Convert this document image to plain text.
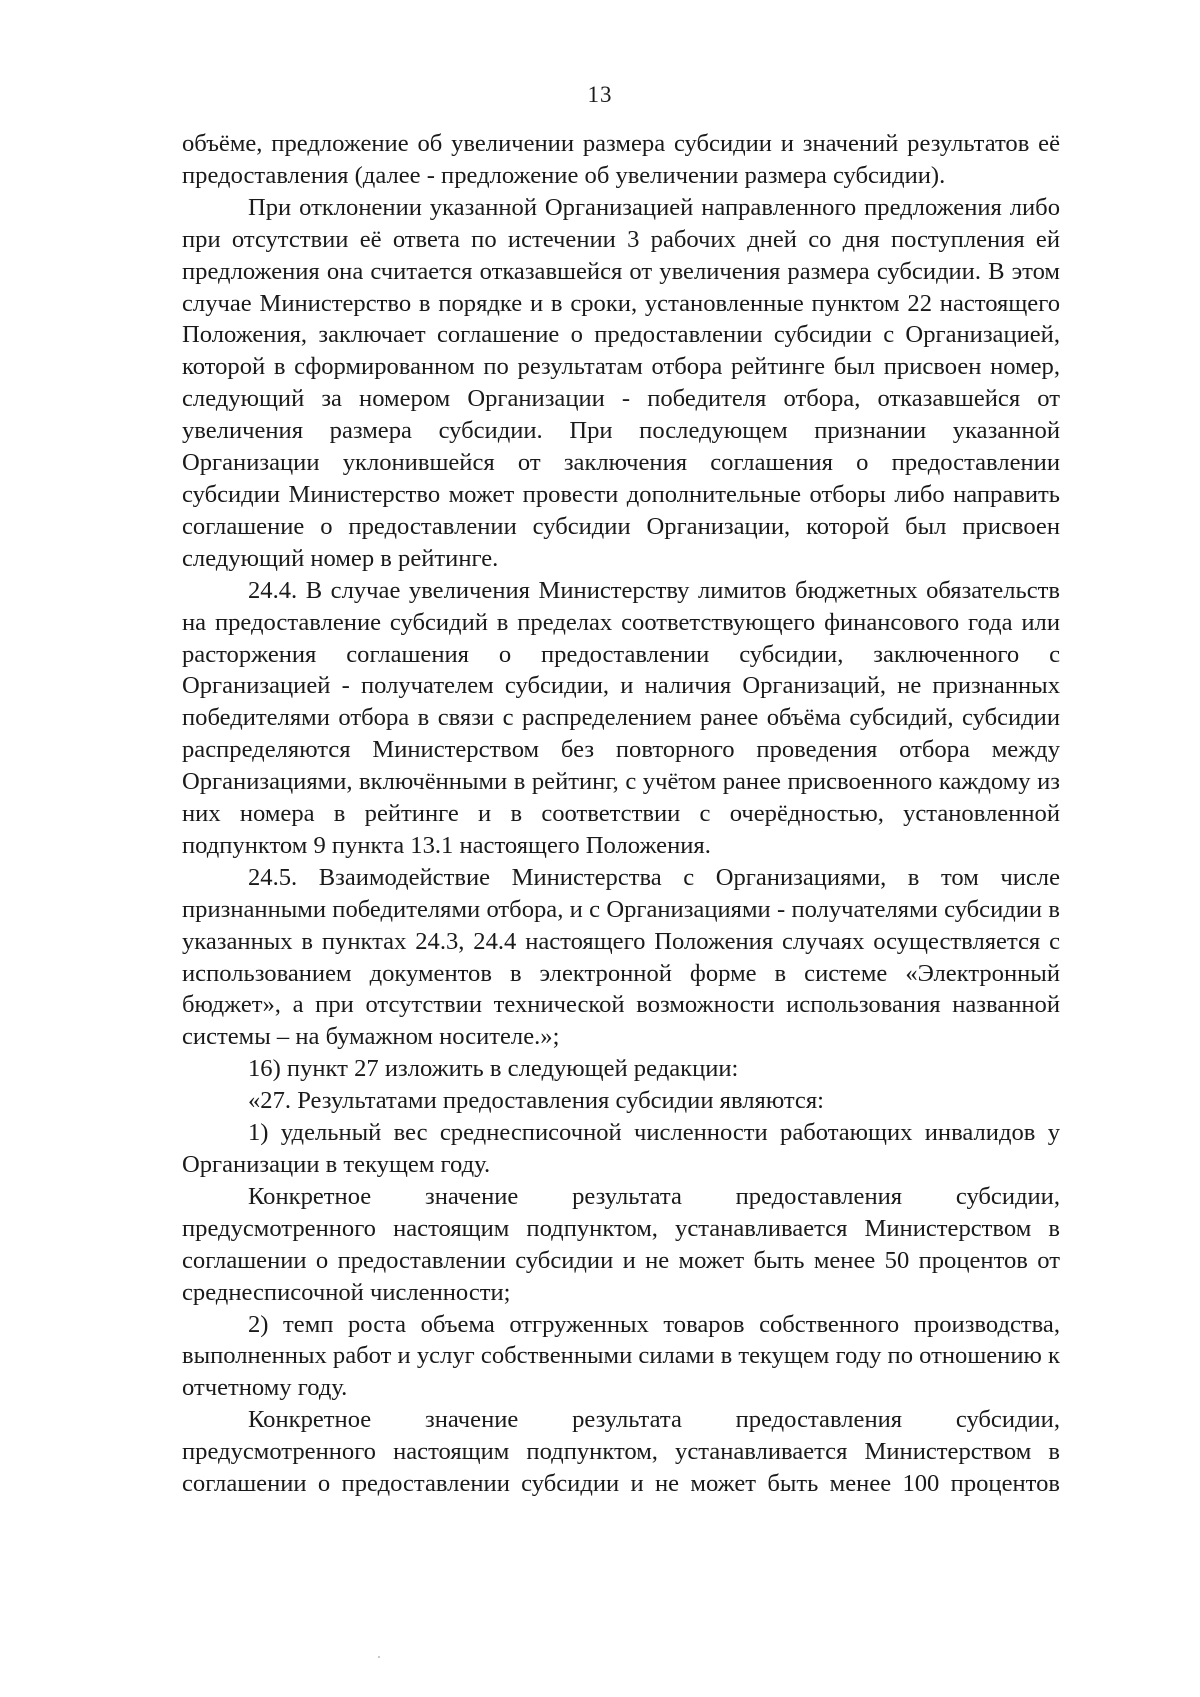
13

объёме, предложение об увеличении размера субсидии и значений результатов её предоставления (далее - предложение об увеличении размера субсидии).

При отклонении указанной Организацией направленного предложения либо при отсутствии её ответа по истечении 3 рабочих дней со дня поступления ей предложения она считается отказавшейся от увеличения размера субсидии. В этом случае Министерство в порядке и в сроки, установленные пунктом 22 настоящего Положения, заключает соглашение о предоставлении субсидии с Организацией, которой в сформированном по результатам отбора рейтинге был присвоен номер, следующий за номером Организации - победителя отбора, отказавшейся от увеличения размера субсидии. При последующем признании указанной Организации уклонившейся от заключения соглашения о предоставлении субсидии Министерство может провести дополнительные отборы либо направить соглашение о предоставлении субсидии Организации, которой был присвоен следующий номер в рейтинге.

24.4. В случае увеличения Министерству лимитов бюджетных обязательств на предоставление субсидий в пределах соответствующего финансового года или расторжения соглашения о предоставлении субсидии, заключенного с Организацией - получателем субсидии, и наличия Организаций, не признанных победителями отбора в связи с распределением ранее объёма субсидий, субсидии распределяются Министерством без повторного проведения отбора между Организациями, включёнными в рейтинг, с учётом ранее присвоенного каждому из них номера в рейтинге и в соответствии с очерёдностью, установленной подпунктом 9 пункта 13.1 настоящего Положения.

24.5. Взаимодействие Министерства с Организациями, в том числе признанными победителями отбора, и с Организациями - получателями субсидии в указанных в пунктах 24.3, 24.4 настоящего Положения случаях осуществляется с использованием документов в электронной форме в системе «Электронный бюджет», а при отсутствии технической возможности использования названной системы – на бумажном носителе.»;

16) пункт 27 изложить в следующей редакции:

«27. Результатами предоставления субсидии являются:

1) удельный вес среднесписочной численности работающих инвалидов у Организации в текущем году.

Конкретное значение результата предоставления субсидии, предусмотренного настоящим подпунктом, устанавливается Министерством в соглашении о предоставлении субсидии и не может быть менее 50 процентов от среднесписочной численности;

2) темп роста объема отгруженных товаров собственного производства, выполненных работ и услуг собственными силами в текущем году по отношению к отчетному году.

Конкретное значение результата предоставления субсидии, предусмотренного настоящим подпунктом, устанавливается Министерством в соглашении о предоставлении субсидии и не может быть менее 100 процентов
